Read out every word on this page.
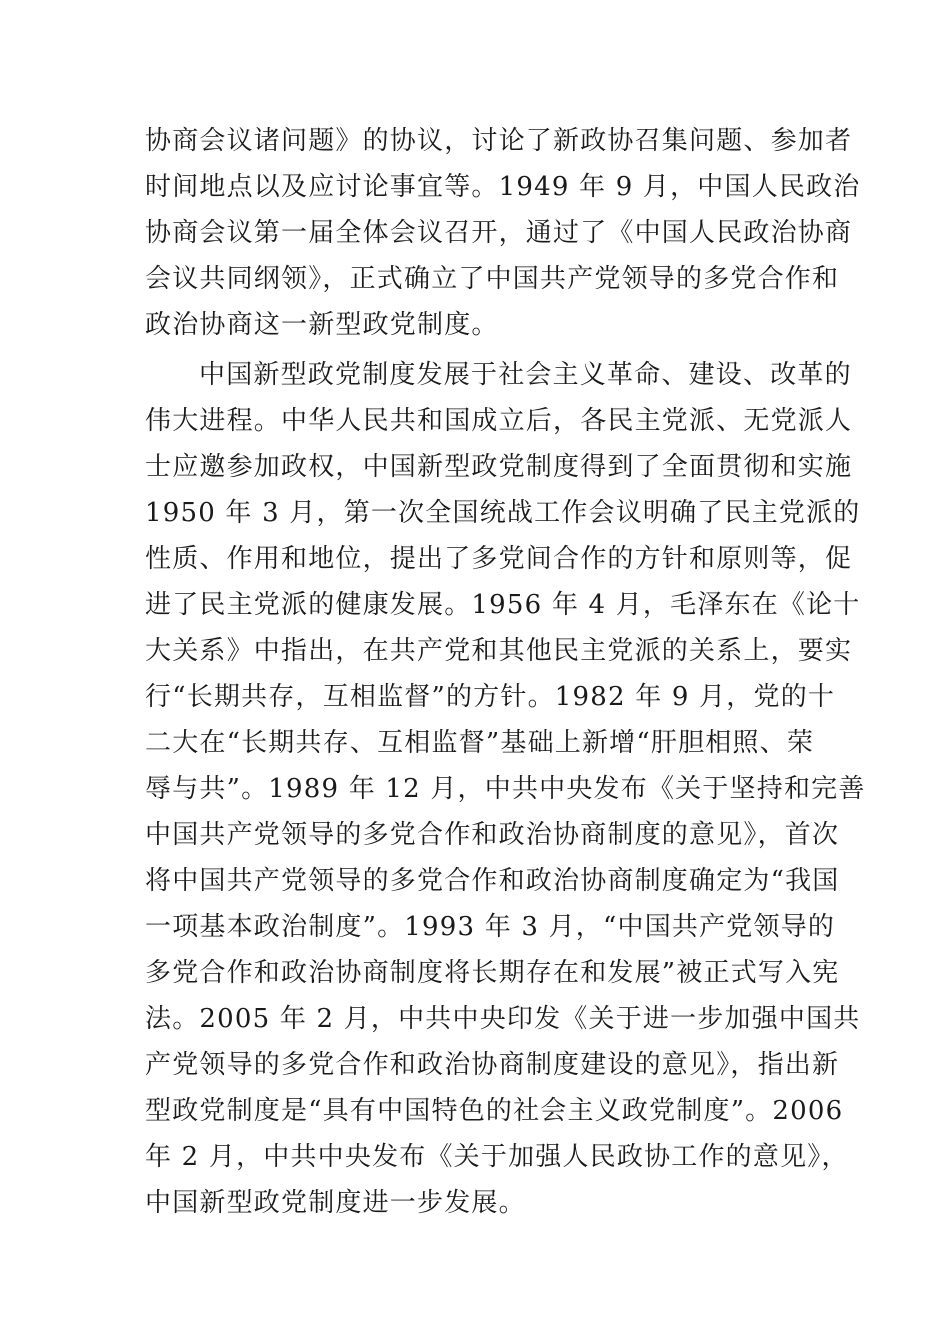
协商会议诸问题》的协议，讨论了新政协召集问题、参加者
时间地点以及应讨论事宜等。1949 年 9 月，中国人民政治
协商会议第一届全体会议召开，通过了《中国人民政治协商
会议共同纲领》，正式确立了中国共产党领导的多党合作和
政治协商这一新型政党制度。
中国新型政党制度发展于社会主义革命、建设、改革的
伟大进程。中华人民共和国成立后，各民主党派、无党派人
士应邀参加政权，中国新型政党制度得到了全面贯彻和实施
1950 年 3 月，第一次全国统战工作会议明确了民主党派的
性质、作用和地位，提出了多党间合作的方针和原则等，促
进了民主党派的健康发展。1956 年 4 月，毛泽东在《论十
大关系》中指出，在共产党和其他民主党派的关系上，要实
行“长期共存，互相监督”的方针。1982 年 9 月，党的十
二大在“长期共存、互相监督”基础上新增“肝胆相照、荣
辱与共”。1989 年 12 月，中共中央发布《关于坚持和完善
中国共产党领导的多党合作和政治协商制度的意见》，首次
将中国共产党领导的多党合作和政治协商制度确定为“我国
一项基本政治制度”。1993 年 3 月，“中国共产党领导的
多党合作和政治协商制度将长期存在和发展”被正式写入宪
法。2005 年 2 月，中共中央印发《关于进一步加强中国共
产党领导的多党合作和政治协商制度建设的意见》，指出新
型政党制度是“具有中国特色的社会主义政党制度”。2006
年 2 月，中共中央发布《关于加强人民政协工作的意见》，
中国新型政党制度进一步发展。
